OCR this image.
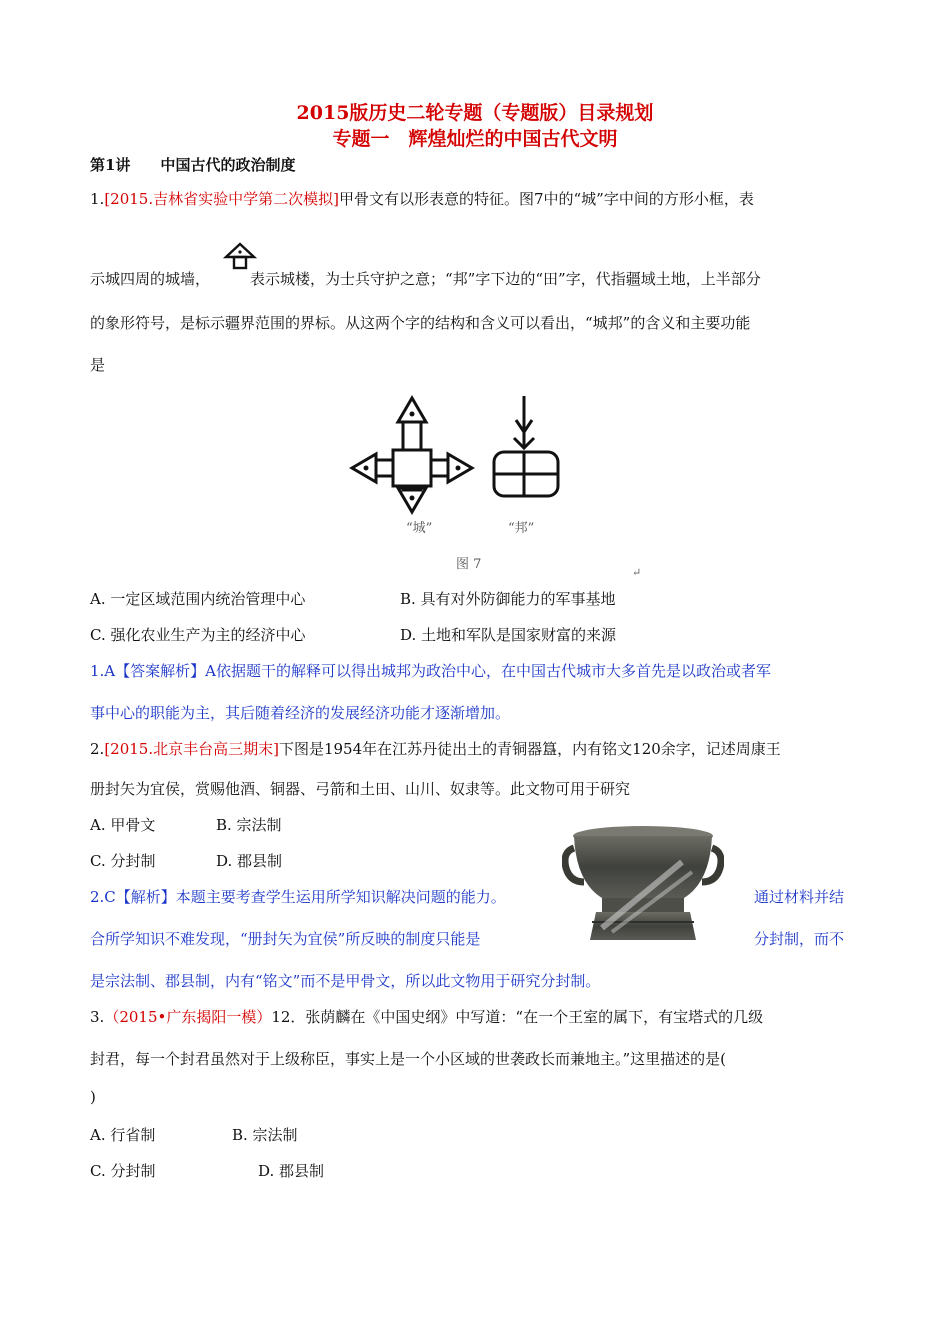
2015版历史二轮专题（专题版）目录规划
专题一　辉煌灿烂的中国古代文明
第1讲　　中国古代的政治制度
1.[2015.吉林省实验中学第二次模拟]甲骨文有以形表意的特征。图7中的“城”字中间的方形小框，表
示城四周的城墙，	表示城楼，为士兵守护之意；“邦”字下边的“田”字，代指疆域土地，上半部分
的象形符号，是标示疆界范围的界标。从这两个字的结构和含义可以看出，“城邦”的含义和主要功能
是
“城”	“邦”
图 7
↵
A. 一定区域范围内统治管理中心	B. 具有对外防御能力的军事基地
C. 强化农业生产为主的经济中心	D. 土地和军队是国家财富的来源
1.A【答案解析】A依据题干的解释可以得出城邦为政治中心，在中国古代城市大多首先是以政治或者军
事中心的职能为主，其后随着经济的发展经济功能才逐渐增加。
2.[2015.北京丰台高三期末]下图是1954年在江苏丹徒出土的青铜器簋，内有铭文120余字，记述周康王
册封矢为宜侯，赏赐他酒、铜器、弓箭和土田、山川、奴隶等。此文物可用于研究
A. 甲骨文	B. 宗法制
C. 分封制	D. 郡县制
2.C【解析】本题主要考查学生运用所学知识解决问题的能力。	通过材料并结
合所学知识不难发现，“册封矢为宜侯”所反映的制度只能是	分封制，而不
是宗法制、郡县制，内有“铭文”而不是甲骨文，所以此文物用于研究分封制。
3.（2015•广东揭阳一模）12．张荫麟在《中国史纲》中写道：“在一个王室的属下，有宝塔式的几级
封君，每一个封君虽然对于上级称臣，事实上是一个小区域的世袭政长而兼地主。”这里描述的是(
)
A. 行省制	B. 宗法制
C. 分封制	D. 郡县制
